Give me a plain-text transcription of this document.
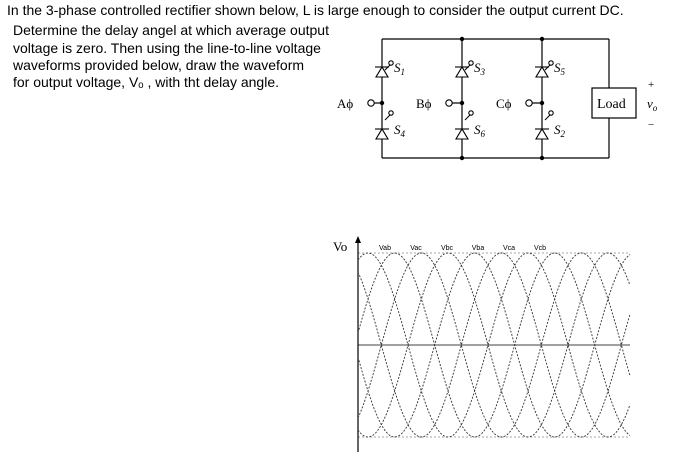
In the 3-phase controlled rectifier shown below, L is large enough to consider the output current DC.
Determine the delay angel at which average output
voltage is zero. Then using the line-to-line voltage
waveforms provided below, draw the waveform
for output voltage, Vₒ , with tht delay angle.
Aϕ	Bϕ	Cϕ
$S_1$	$S_3$	$S_5$
$S_4$	$S_6$	$S_2$
Load
+
−
$v_o$
Vo	Vab	Vac	Vbc	Vba	Vca	Vcb
